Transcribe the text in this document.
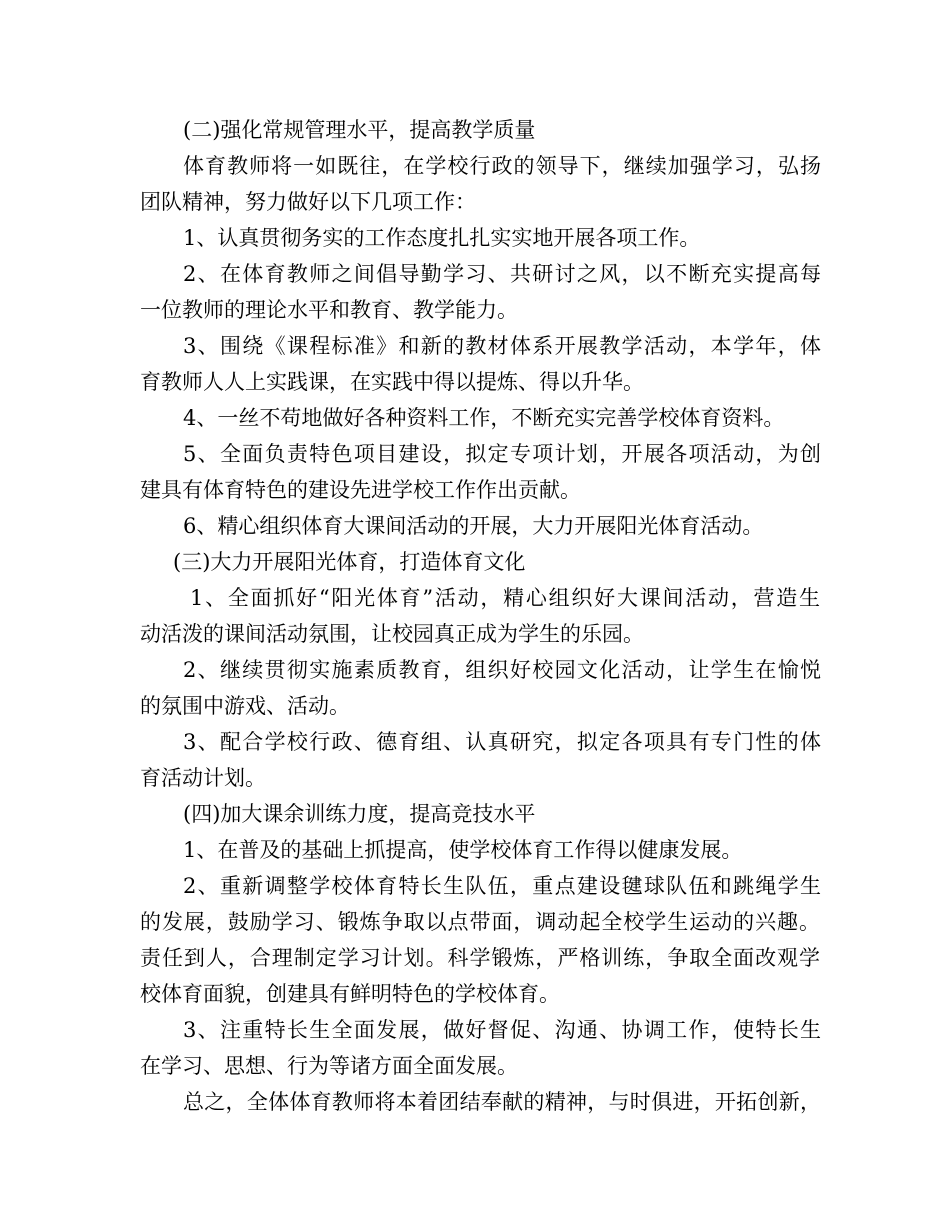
(二)强化常规管理水平，提高教学质量
体育教师将一如既往，在学校行政的领导下，继续加强学习，弘扬
团队精神，努力做好以下几项工作：
1、认真贯彻务实的工作态度扎扎实实地开展各项工作。
2、在体育教师之间倡导勤学习、共研讨之风，以不断充实提高每
一位教师的理论水平和教育、教学能力。
3、围绕《课程标准》和新的教材体系开展教学活动，本学年，体
育教师人人上实践课，在实践中得以提炼、得以升华。
4、一丝不苟地做好各种资料工作，不断充实完善学校体育资料。
5、全面负责特色项目建设，拟定专项计划，开展各项活动，为创
建具有体育特色的建设先进学校工作作出贡献。
6、精心组织体育大课间活动的开展，大力开展阳光体育活动。
(三)大力开展阳光体育，打造体育文化
1、全面抓好“阳光体育”活动，精心组织好大课间活动，营造生
动活泼的课间活动氛围，让校园真正成为学生的乐园。
2、继续贯彻实施素质教育，组织好校园文化活动，让学生在愉悦
的氛围中游戏、活动。
3、配合学校行政、德育组、认真研究，拟定各项具有专门性的体
育活动计划。
(四)加大课余训练力度，提高竞技水平
1、在普及的基础上抓提高，使学校体育工作得以健康发展。
2、重新调整学校体育特长生队伍，重点建设毽球队伍和跳绳学生
的发展，鼓励学习、锻炼争取以点带面，调动起全校学生运动的兴趣。
责任到人，合理制定学习计划。科学锻炼，严格训练，争取全面改观学
校体育面貌，创建具有鲜明特色的学校体育。
3、注重特长生全面发展，做好督促、沟通、协调工作，使特长生
在学习、思想、行为等诸方面全面发展。
总之，全体体育教师将本着团结奉献的精神，与时俱进，开拓创新，
